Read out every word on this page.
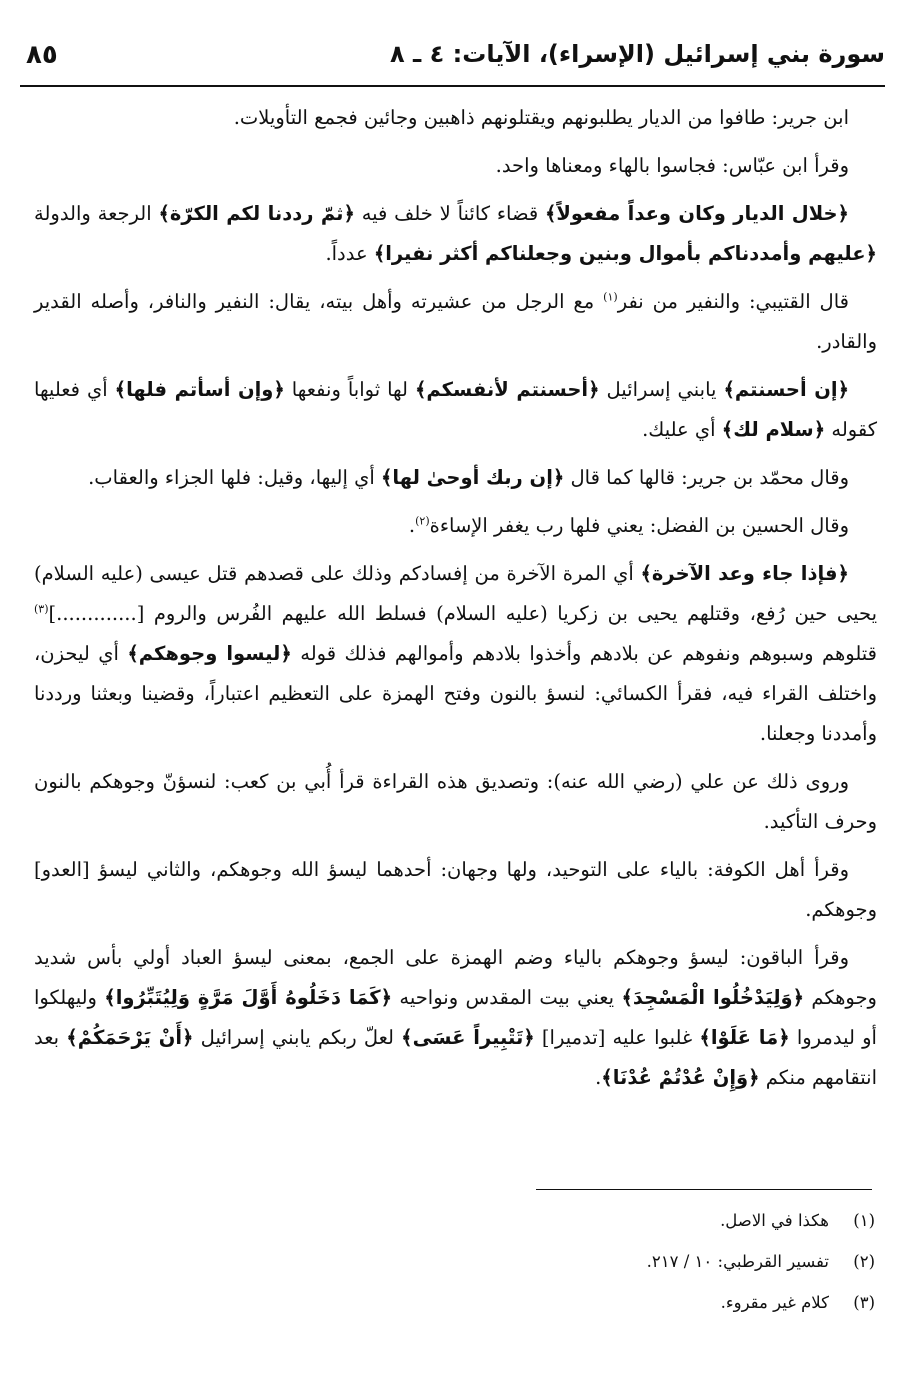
سورة بني إسرائيل (الإسراء)، الآيات: ٤ ـ ٨
٨٥

ابن جرير: طافوا من الديار يطلبونهم ويقتلونهم ذاهبين وجائين فجمع التأويلات.

وقرأ ابن عبّاس: فجاسوا بالهاء ومعناها واحد.

﴿خلال الديار وكان وعداً مفعولاً﴾ قضاء كائناً لا خلف فيه ﴿ثمّ رددنا لكم الكرّة﴾ الرجعة والدولة ﴿عليهم وأمددناكم بأموال وبنين وجعلناكم أكثر نفيرا﴾ عدداً.

قال القتيبي: والنفير من نفر$^{(١)}$ مع الرجل من عشيرته وأهل بيته، يقال: النفير والنافر، وأصله القدير والقادر.

﴿إن أحسنتم﴾ يابني إسرائيل ﴿أحسنتم لأنفسكم﴾ لها ثواباً ونفعها ﴿وإن أسأتم فلها﴾ أي فعليها كقوله ﴿سلام لك﴾ أي عليك.

وقال محمّد بن جرير: قالها كما قال ﴿إن ربك أوحىٰ لها﴾ أي إليها، وقيل: فلها الجزاء والعقاب.

وقال الحسين بن الفضل: يعني فلها رب يغفر الإساءة$^{(٢)}$.

﴿فإذا جاء وعد الآخرة﴾ أي المرة الآخرة من إفسادكم وذلك على قصدهم قتل عيسى (عليه السلام) يحيى حين رُفع، وقتلهم يحيى بن زكريا (عليه السلام) فسلط الله عليهم الفُرس والروم [.............]$^{(٣)}$ قتلوهم وسبوهم ونفوهم عن بلادهم وأخذوا بلادهم وأموالهم فذلك قوله ﴿ليسوا وجوهكم﴾ أي ليحزن، واختلف القراء فيه، فقرأ الكسائي: لنسؤ بالنون وفتح الهمزة على التعظيم اعتباراً، وقضينا وبعثنا ورددنا وأمددنا وجعلنا.

وروى ذلك عن علي (رضي الله عنه): وتصديق هذه القراءة قرأ أُبي بن كعب: لنسؤنّ وجوهكم بالنون وحرف التأكيد.

وقرأ أهل الكوفة: بالياء على التوحيد، ولها وجهان: أحدهما ليسؤ الله وجوهكم، والثاني ليسؤ [العدو] وجوهكم.

وقرأ الباقون: ليسؤ وجوهكم بالياء وضم الهمزة على الجمع، بمعنى ليسؤ العباد أولي بأس شديد وجوهكم ﴿وَلِيَدْخُلُوا الْمَسْجِدَ﴾ يعني بيت المقدس ونواحيه ﴿كَمَا دَخَلُوهُ أَوَّلَ مَرَّةٍ وَلِيُتَبِّرُوا﴾ وليهلكوا أو ليدمروا ﴿مَا عَلَوْا﴾ غلبوا عليه [تدميرا] ﴿تَتْبِيراً عَسَى﴾ لعلّ ربكم يابني إسرائيل ﴿أَنْ يَرْحَمَكُمْ﴾ بعد انتقامهم منكم ﴿وَإِنْ عُدْتُمْ عُدْنَا﴾.

(١)هكذا في الاصل.
(٢)تفسير القرطبي: ١٠ / ٢١٧.
(٣)كلام غير مقروء.
